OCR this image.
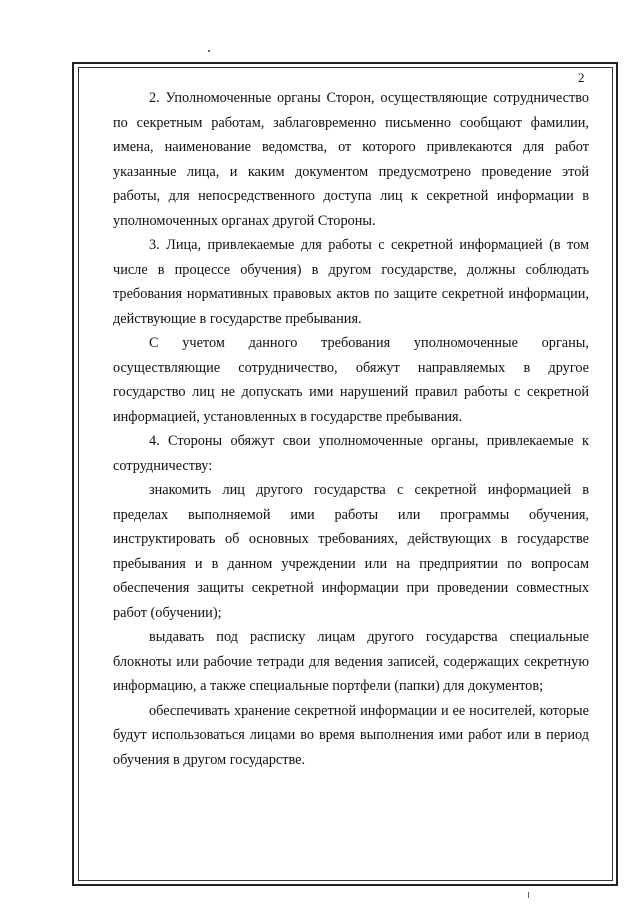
2

2. Уполномоченные органы Сторон, осуществляющие сотрудничество по секретным работам, заблаговременно письменно сообщают фамилии, имена, наименование ведомства, от которого привлекаются для работ указанные лица, и каким документом предусмотрено проведение этой работы, для непосредственного доступа лиц к секретной информации в уполномоченных органах другой Стороны.

3. Лица, привлекаемые для работы с секретной информацией (в том числе в процессе обучения) в другом государстве, должны соблюдать требования нормативных правовых актов по защите секретной информации, действующие в государстве пребывания.

С учетом данного требования уполномоченные органы, осуществляющие сотрудничество, обяжут направляемых в другое государство лиц не допускать ими нарушений правил работы с секретной информацией, установленных в государстве пребывания.

4. Стороны обяжут свои уполномоченные органы, привлекаемые к сотрудничеству:

знакомить лиц другого государства с секретной информацией в пределах выполняемой ими работы или программы обучения, инструктировать об основных требованиях, действующих в государстве пребывания и в данном учреждении или на предприятии по вопросам обеспечения защиты секретной информации при проведении совместных работ (обучении);

выдавать под расписку лицам другого государства специальные блокноты или рабочие тетради для ведения записей, содержащих секретную информацию, а также специальные портфели (папки) для документов;

обеспечивать хранение секретной информации и ее носителей, которые будут использоваться лицами во время выполнения ими работ или в период обучения в другом государстве.
